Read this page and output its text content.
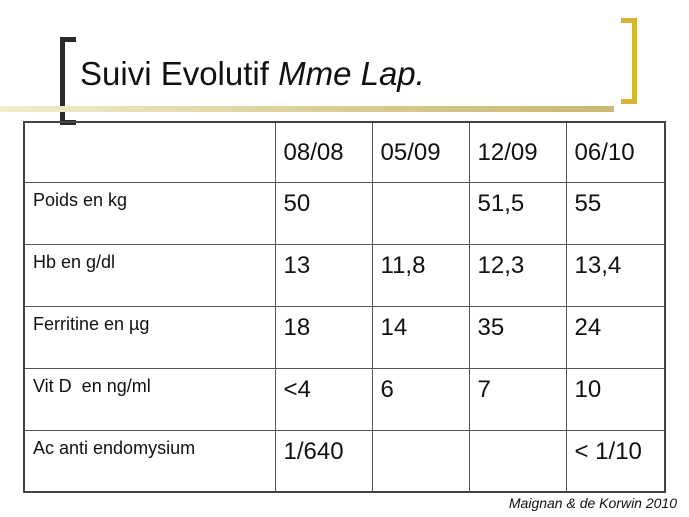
Suivi Evolutif Mme Lap.
	08/08	05/09	12/09	06/10
Poids en kg	50		51,5	55
Hb en g/dl	13	11,8	12,3	13,4
Ferritine en µg	18	14	35	24
Vit D  en ng/ml	<4	6	7	10
Ac anti endomysium	1/640			< 1/10
Maignan & de Korwin 2010
